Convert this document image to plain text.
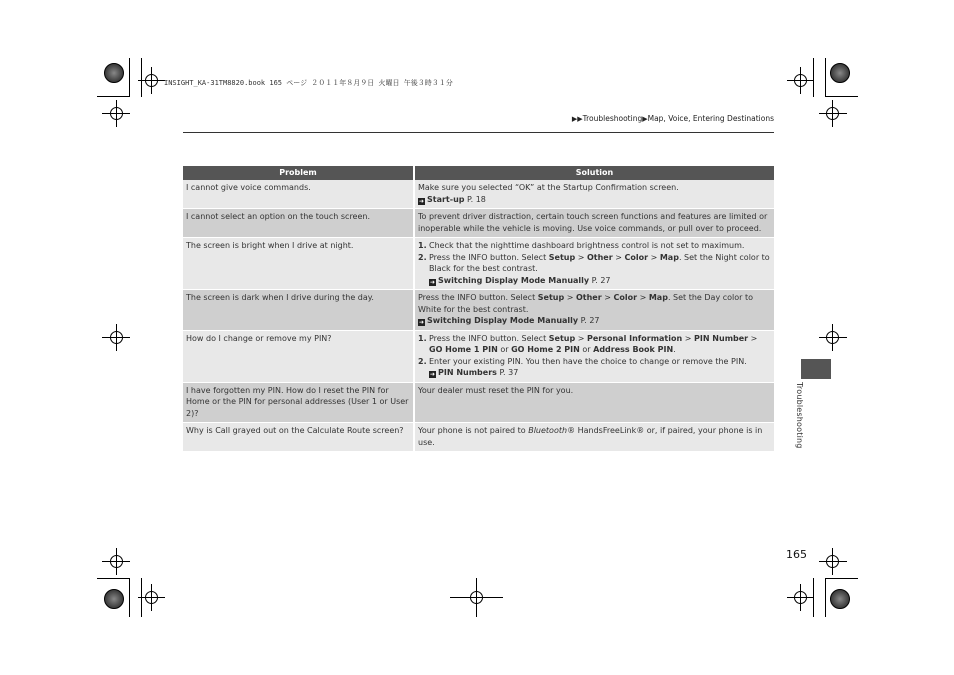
INSIGHT_KA-31TM8820.book 165 ページ ２０１１年８月９日 火曜日 午後３時３１分
▶▶Troubleshooting▶Map, Voice, Entering Destinations
Problem	Solution
I cannot give voice commands.	Make sure you selected “OK” at the Startup Confirmation screen.
➜ Start-up P. 18

I cannot select an option on the touch screen.	To prevent driver distraction, certain touch screen functions and features are limited or inoperable while the vehicle is moving. Use voice commands, or pull over to proceed.
The screen is bright when I drive at night.	1. Check that the nighttime dashboard brightness control is not set to maximum.
2. Press the INFO button. Select Setup > Other > Color > Map. Set the Night color to Black for the best contrast.
➜ Switching Display Mode Manually P. 27

The screen is dark when I drive during the day.	Press the INFO button. Select Setup > Other > Color > Map. Set the Day color to White for the best contrast.
➜ Switching Display Mode Manually P. 27

How do I change or remove my PIN?	1. Press the INFO button. Select Setup > Personal Information > PIN Number > GO Home 1 PIN or GO Home 2 PIN or Address Book PIN.
2. Enter your existing PIN. You then have the choice to change or remove the PIN.
➜ PIN Numbers P. 37

I have forgotten my PIN. How do I reset the PIN for Home or the PIN for personal addresses (User 1 or User 2)?	Your dealer must reset the PIN for you.
Why is Call grayed out on the Calculate Route screen?	Your phone is not paired to Bluetooth® HandsFreeLink® or, if paired, your phone is in use.	Troubleshooting
165
